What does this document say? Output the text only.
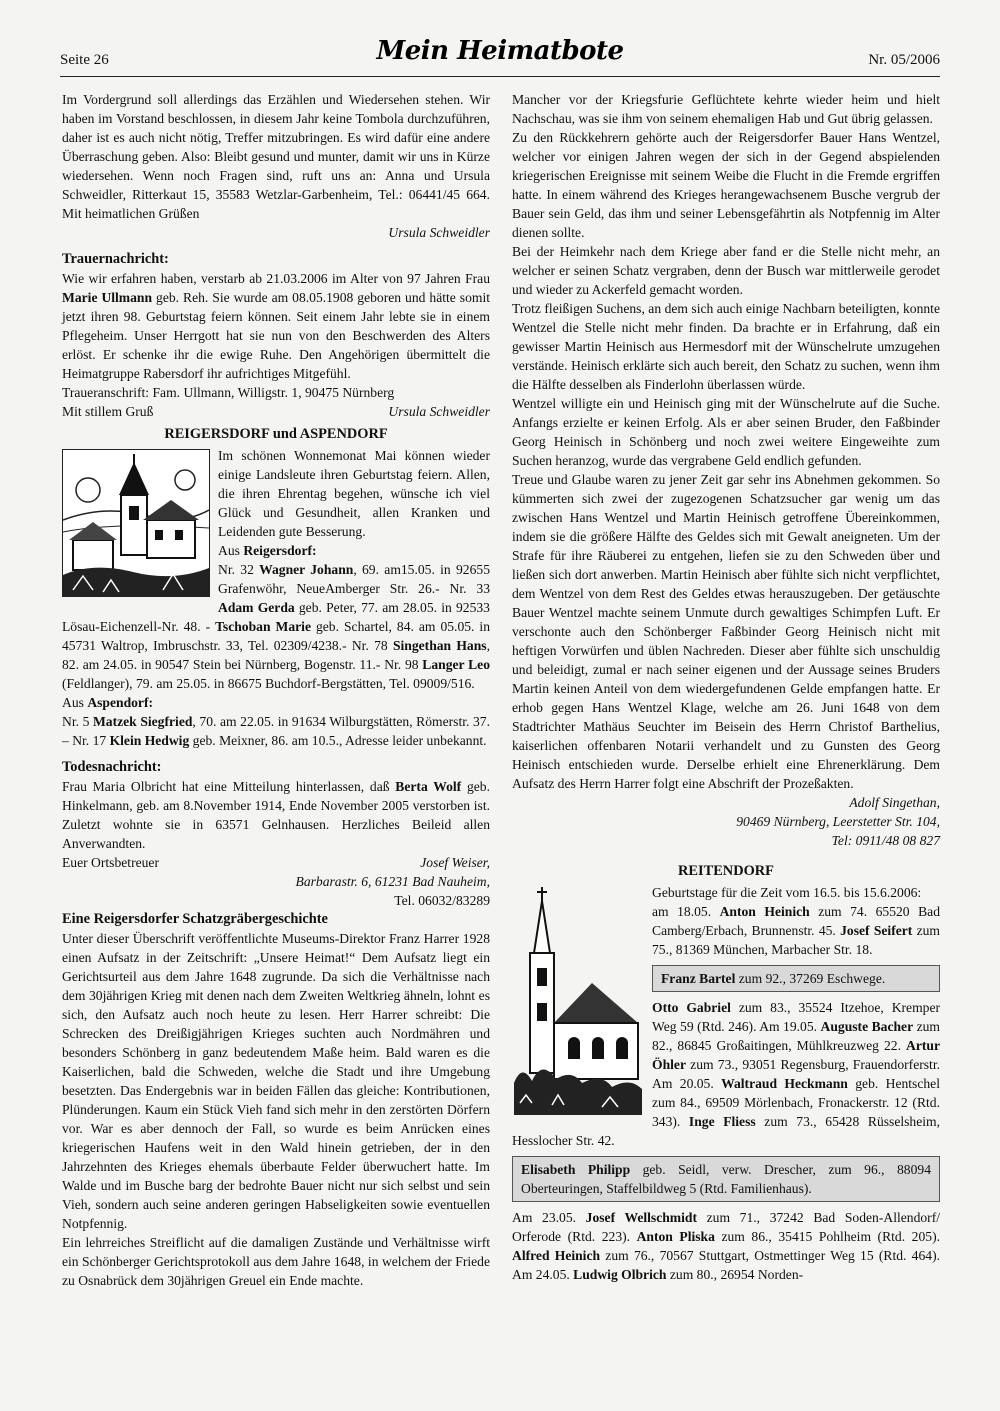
Seite 26	Mein Heimatbote	Nr. 05/2006

Im Vordergrund soll allerdings das Erzählen und Wiedersehen stehen. Wir haben im Vorstand beschlossen, in diesem Jahr keine Tombola durchzuführen, daher ist es auch nicht nötig, Treffer mitzubringen. Es wird dafür eine andere Überraschung geben. Also: Bleibt gesund und munter, damit wir uns in Kürze wiedersehen. Wenn noch Fragen sind, ruft uns an: Anna und Ursula Schweidler, Ritterkaut 15, 35583 Wetzlar-Garbenheim, Tel.: 06441/45 664. Mit heimatlichen Grüßen

Ursula Schweidler

Trauernachricht:

Wie wir erfahren haben, verstarb ab 21.03.2006 im Alter von 97 Jahren Frau Marie Ullmann geb. Reh. Sie wurde am 08.05.1908 geboren und hätte somit jetzt ihren 98. Geburtstag feiern können. Seit einem Jahr lebte sie in einem Pflegeheim. Unser Herrgott hat sie nun von den Beschwerden des Alters erlöst. Er schenke ihr die ewige Ruhe. Den Angehörigen übermittelt die Heimatgruppe Rabersdorf ihr aufrichtiges Mitgefühl.

Traueranschrift: Fam. Ullmann, Willigstr. 1, 90475 Nürnberg

Mit stillem Gruß	Ursula Schweidler

REIGERSDORF und ASPENDORF

Im schönen Wonnemonat Mai können wieder einige Landsleute ihren Geburtstag feiern. Allen, die ihren Ehrentag begehen, wünsche ich viel Glück und Gesundheit, allen Kranken und Leidenden gute Besserung.
Aus Reigersdorf:
Nr. 32 Wagner Johann, 69. am15.05. in 92655 Grafenwöhr, NeueAmberger Str. 26.- Nr. 33 Adam Gerda geb. Peter, 77. am 28.05. in 92533 Lösau-Eichenzell-Nr. 48. - Tschoban Marie geb. Schartel, 84. am 05.05. in 45731 Waltrop, Imbruschstr. 33, Tel. 02309/4238.- Nr. 78 Singethan Hans, 82. am 24.05. in 90547 Stein bei Nürnberg, Bogenstr. 11.- Nr. 98 Langer Leo (Feldlanger), 79. am 25.05. in 86675 Buchdorf-Bergstätten, Tel. 09009/516.

Aus Aspendorf:

Nr. 5 Matzek Siegfried, 70. am 22.05. in 91634 Wilburgstätten, Römerstr. 37. – Nr. 17 Klein Hedwig geb. Meixner, 86. am 10.5., Adresse leider unbekannt.

Todesnachricht:

Frau Maria Olbricht hat eine Mitteilung hinterlassen, daß Berta Wolf geb. Hinkelmann, geb. am 8.November 1914, Ende November 2005 verstorben ist. Zuletzt wohnte sie in 63571 Gelnhausen. Herzliches Beileid allen Anverwandten.

Euer Ortsbetreuer	Josef Weiser,

Barbarastr. 6, 61231 Bad Nauheim,

Tel. 06032/83289

Eine Reigersdorfer Schatzgräbergeschichte

Unter dieser Überschrift veröffentlichte Museums-Direktor Franz Harrer 1928 einen Aufsatz in der Zeitschrift: „Unsere Heimat!“ Dem Aufsatz liegt ein Gerichtsurteil aus dem Jahre 1648 zugrunde. Da sich die Verhältnisse nach dem 30jährigen Krieg mit denen nach dem Zweiten Weltkrieg ähneln, lohnt es sich, den Aufsatz auch noch heute zu lesen. Herr Harrer schreibt: Die Schrecken des Dreißigjährigen Krieges suchten auch Nordmähren und besonders Schönberg in ganz bedeutendem Maße heim. Bald waren es die Kaiserlichen, bald die Schweden, welche die Stadt und ihre Umgebung besetzten. Das Endergebnis war in beiden Fällen das gleiche: Kontributionen, Plünderungen. Kaum ein Stück Vieh fand sich mehr in den zerstörten Dörfern vor. War es aber dennoch der Fall, so wurde es beim Anrücken eines kriegerischen Haufens weit in den Wald hinein getrieben, der in den Jahrzehnten des Krieges ehemals überbaute Felder überwuchert hatte. Im Walde und im Busche barg der bedrohte Bauer nicht nur sich selbst und sein Vieh, sondern auch seine anderen geringen Habseligkeiten sowie eventuellen Notpfennig.

Ein lehrreiches Streiflicht auf die damaligen Zustände und Verhältnisse wirft ein Schönberger Gerichtsprotokoll aus dem Jahre 1648, in welchem der Friede zu Osnabrück dem 30jährigen Greuel ein Ende machte.

Mancher vor der Kriegsfurie Geflüchtete kehrte wieder heim und hielt Nachschau, was sie ihm von seinem ehemaligen Hab und Gut übrig gelassen.

Zu den Rückkehrern gehörte auch der Reigersdorfer Bauer Hans Wentzel, welcher vor einigen Jahren wegen der sich in der Gegend abspielenden kriegerischen Ereignisse mit seinem Weibe die Flucht in die Fremde ergriffen hatte. In einem während des Krieges herangewachsenem Busche vergrub der Bauer sein Geld, das ihm und seiner Lebensgefährtin als Notpfennig im Alter dienen sollte.

Bei der Heimkehr nach dem Kriege aber fand er die Stelle nicht mehr, an welcher er seinen Schatz vergraben, denn der Busch war mittlerweile gerodet und wieder zu Ackerfeld gemacht worden.

Trotz fleißigen Suchens, an dem sich auch einige Nachbarn beteiligten, konnte Wentzel die Stelle nicht mehr finden. Da brachte er in Erfahrung, daß ein gewisser Martin Heinisch aus Hermesdorf mit der Wünschelrute umzugehen verstände. Heinisch erklärte sich auch bereit, den Schatz zu suchen, wenn ihm die Hälfte desselben als Finderlohn überlassen würde.

Wentzel willigte ein und Heinisch ging mit der Wünschelrute auf die Suche. Anfangs erzielte er keinen Erfolg. Als er aber seinen Bruder, den Faßbinder Georg Heinisch in Schönberg und noch zwei weitere Eingeweihte zum Suchen heranzog, wurde das vergrabene Geld endlich gefunden.

Treue und Glaube waren zu jener Zeit gar sehr ins Abnehmen gekommen. So kümmerten sich zwei der zugezogenen Schatzsucher gar wenig um das zwischen Hans Wentzel und Martin Heinisch getroffene Übereinkommen, indem sie die größere Hälfte des Geldes sich mit Gewalt aneigneten. Um der Strafe für ihre Räuberei zu entgehen, liefen sie zu den Schweden über und ließen sich dort anwerben. Martin Heinisch aber fühlte sich nicht verpflichtet, dem Wentzel von dem Rest des Geldes etwas herauszugeben. Der getäuschte Bauer Wentzel machte seinem Unmute durch gewaltiges Schimpfen Luft. Er verschonte auch den Schönberger Faßbinder Georg Heinisch nicht mit heftigen Vorwürfen und üblen Nachreden. Dieser aber fühlte sich unschuldig und beleidigt, zumal er nach seiner eigenen und der Aussage seines Bruders Martin keinen Anteil von dem wiedergefundenen Gelde empfangen hatte. Er erhob gegen Hans Wentzel Klage, welche am 26. Juni 1648 von dem Stadtrichter Mathäus Seuchter im Beisein des Herrn Christof Barthelius, kaiserlichen offenbaren Notarii verhandelt und zu Gunsten des Georg Heinisch entschieden wurde. Derselbe erhielt eine Ehrenerklärung. Dem Aufsatz des Herrn Harrer folgt eine Abschrift der Prozeßakten.

Adolf Singethan,

90469 Nürnberg, Leerstetter Str. 104,

Tel: 0911/48 08 827

REITENDORF

Geburtstage für die Zeit vom 16.5. bis 15.6.2006:

am 18.05. Anton Heinich zum 74. 65520 Bad Camberg/Erbach, Brunnenstr. 45. Josef Seifert zum 75., 81369 München, Marbacher Str. 18.

Franz Bartel zum 92., 37269 Eschwege.

Otto Gabriel zum 83., 35524 Itzehoe, Kremper Weg 59 (Rtd. 246). Am 19.05. Auguste Bacher zum 82., 86845 Großaitingen, Mühlkreuzweg 22. Artur Öhler zum 73., 93051 Regensburg, Frauendorferstr. Am 20.05. Waltraud Heckmann geb. Hentschel zum 84., 69509 Mörlenbach, Fronackerstr. 12 (Rtd. 343). Inge Fliess zum 73., 65428 Rüsselsheim, Hesslocher Str. 42.

Elisabeth Philipp geb. Seidl, verw. Drescher, zum 96., 88094 Oberteuringen, Staffelbildweg 5 (Rtd. Familienhaus).

Am 23.05. Josef Wellschmidt zum 71., 37242 Bad Soden-Allendorf/ Orferode (Rtd. 223). Anton Pliska zum 86., 35415 Pohlheim (Rtd. 205). Alfred Heinich zum 76., 70567 Stuttgart, Ostmettinger Weg 15 (Rtd. 464). Am 24.05. Ludwig Olbrich zum 80., 26954 Norden-
